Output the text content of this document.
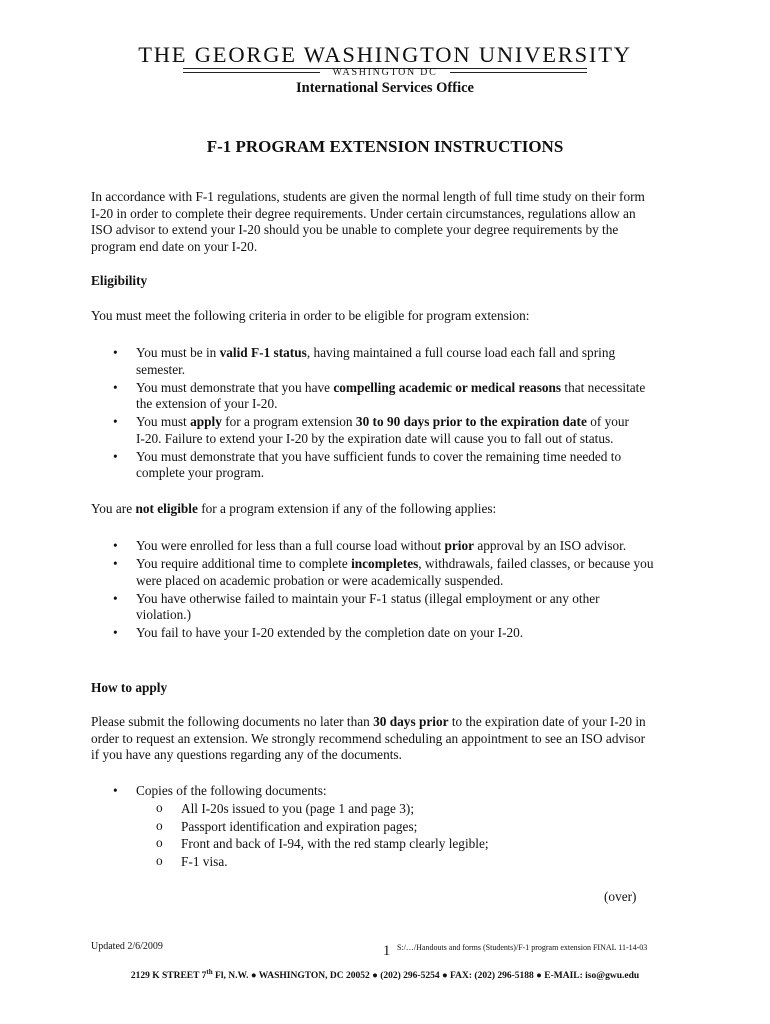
THE GEORGE WASHINGTON UNIVERSITY
WASHINGTON DC
International Services Office
F-1 PROGRAM EXTENSION INSTRUCTIONS
In accordance with F-1 regulations, students are given the normal length of full time study on their form
I-20 in order to complete their degree requirements. Under certain circumstances, regulations allow an
ISO advisor to extend your I-20 should you be unable to complete your degree requirements by the
program end date on your I-20.
Eligibility
You must meet the following criteria in order to be eligible for program extension:
• You must be in valid F-1 status, having maintained a full course load each fall and spring
semester.
• You must demonstrate that you have compelling academic or medical reasons that necessitate
the extension of your I-20.
• You must apply for a program extension 30 to 90 days prior to the expiration date of your
I-20. Failure to extend your I-20 by the expiration date will cause you to fall out of status.
• You must demonstrate that you have sufficient funds to cover the remaining time needed to
complete your program.
You are not eligible for a program extension if any of the following applies:
• You were enrolled for less than a full course load without prior approval by an ISO advisor.
• You require additional time to complete incompletes, withdrawals, failed classes, or because you
were placed on academic probation or were academically suspended.
• You have otherwise failed to maintain your F-1 status (illegal employment or any other
violation.)
• You fail to have your I-20 extended by the completion date on your I-20.
How to apply
Please submit the following documents no later than 30 days prior to the expiration date of your I-20 in
order to request an extension. We strongly recommend scheduling an appointment to see an ISO advisor
if you have any questions regarding any of the documents.
• Copies of the following documents:
o All I-20s issued to you (page 1 and page 3);
o Passport identification and expiration pages;
o Front and back of I-94, with the red stamp clearly legible;
o F-1 visa.
(over)
Updated 2/6/2009	1 S:/…/Handouts and forms (Students)/F-1 program extension FINAL 11-14-03
2129 K STREET 7th Fl, N.W. ● WASHINGTON, DC 20052 ● (202) 296-5254 ● FAX: (202) 296-5188 ● E-MAIL: iso@gwu.edu
